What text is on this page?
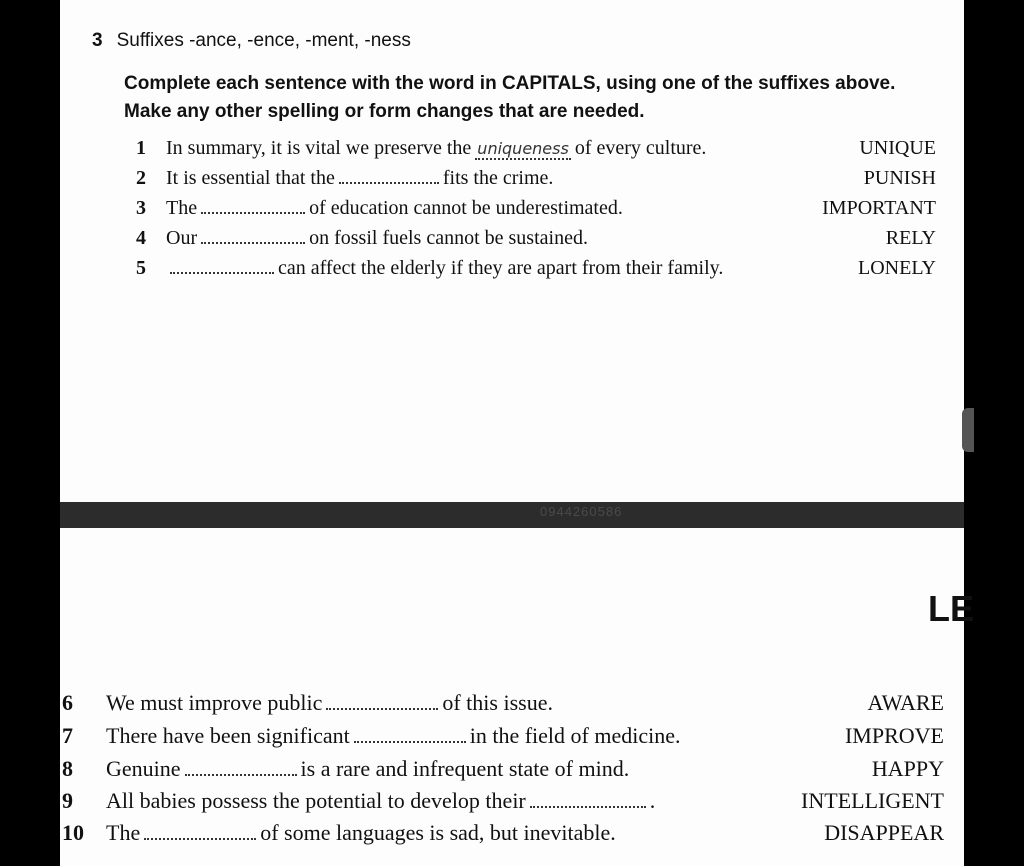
0944260586
3 Suffixes -ance, -ence, -ment, -ness
Complete each sentence with the word in CAPITALS, using one of the suffixes above. Make any other spelling or form changes that are needed.
1 In summary, it is vital we preserve the uniqueness of every culture.	UNIQUE
2 It is essential that the	fits the crime.	PUNISH
3 The	of education cannot be underestimated.	IMPORTANT
4 Our	on fossil fuels cannot be sustained.	RELY
5	can affect the elderly if they are apart from their family.	LONELY
LE
6 We must improve public	of this issue.	AWARE
7 There have been significant	in the field of medicine.	IMPROVE
8 Genuine	is a rare and infrequent state of mind.	HAPPY
9 All babies possess the potential to develop their	.	INTELLIGENT
10 The	of some languages is sad, but inevitable.	DISAPPEAR
